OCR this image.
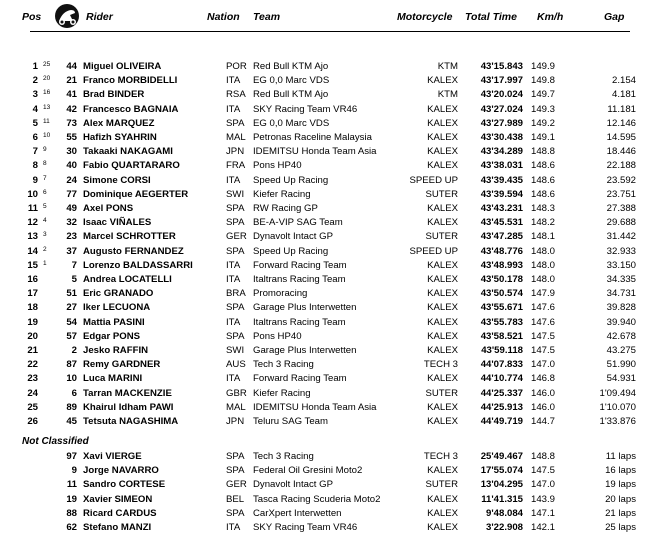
Pos	Rider	Nation Team	Motorcycle Total Time Km/h	Gap
1 25 44 Miguel OLIVEIRA	POR Red Bull KTM Ajo	KTM 43'15.843 149.9
2 20 21 Franco MORBIDELLI	ITA EG 0,0 Marc VDS	KALEX 43'17.997 149.8	2.154
3 16 41 Brad BINDER	RSA Red Bull KTM Ajo	KTM 43'20.024 149.7	4.181
4 13 42 Francesco BAGNAIA	ITA SKY Racing Team VR46	KALEX 43'27.024 149.3	11.181
5 11 73 Alex MARQUEZ	SPA EG 0,0 Marc VDS	KALEX 43'27.989 149.2	12.146
6 10 55 Hafizh SYAHRIN	MAL Petronas Raceline Malaysia	KALEX 43'30.438 149.1	14.595
7 9 30 Takaaki NAKAGAMI	JPN IDEMITSU Honda Team Asia	KALEX 43'34.289 148.8	18.446
8 8 40 Fabio QUARTARARO	FRA Pons HP40	KALEX 43'38.031 148.6	22.188
9 7 24 Simone CORSI	ITA Speed Up Racing	SPEED UP 43'39.435 148.6	23.592
10 6 77 Dominique AEGERTER	SWI Kiefer Racing	SUTER 43'39.594 148.6	23.751
11 5 49 Axel PONS	SPA RW Racing GP	KALEX 43'43.231 148.3	27.388
12 4 32 Isaac VIÑALES	SPA BE-A-VIP SAG Team	KALEX 43'45.531 148.2	29.688
13 3 23 Marcel SCHROTTER	GER Dynavolt Intact GP	SUTER 43'47.285 148.1	31.442
14 2 37 Augusto FERNANDEZ	SPA Speed Up Racing	SPEED UP 43'48.776 148.0	32.933
15 1	7 Lorenzo BALDASSARRI	ITA Forward Racing Team	KALEX 43'48.993 148.0	33.150
16	5 Andrea LOCATELLI	ITA Italtrans Racing Team	KALEX 43'50.178 148.0	34.335
17	51 Eric GRANADO	BRA Promoracing	KALEX 43'50.574 147.9	34.731
18	27 Iker LECUONA	SPA Garage Plus Interwetten	KALEX 43'55.671 147.6	39.828
19	54 Mattia PASINI	ITA Italtrans Racing Team	KALEX 43'55.783 147.6	39.940
20	57 Edgar PONS	SPA Pons HP40	KALEX 43'58.521 147.5	42.678
21	2 Jesko RAFFIN	SWI Garage Plus Interwetten	KALEX 43'59.118 147.5	43.275
22	87 Remy GARDNER	AUS Tech 3 Racing	TECH 3 44'07.833 147.0	51.990
23	10 Luca MARINI	ITA Forward Racing Team	KALEX 44'10.774 146.8	54.931
24	6 Tarran MACKENZIE	GBR Kiefer Racing	SUTER 44'25.337 146.0	1'09.494
25	89 Khairul Idham PAWI	MAL IDEMITSU Honda Team Asia	KALEX 44'25.913 146.0	1'10.070
26	45 Tetsuta NAGASHIMA	JPN Teluru SAG Team	KALEX 44'49.719 144.7	1'33.876
97 Xavi VIERGE	SPA Tech 3 Racing	TECH 3 25'49.467 148.8	11 laps
9 Jorge NAVARRO	SPA Federal Oil Gresini Moto2	KALEX 17'55.074 147.5	16 laps
11 Sandro CORTESE	GER Dynavolt Intact GP	SUTER 13'04.295 147.0	19 laps
19 Xavier SIMEON	BEL Tasca Racing Scuderia Moto2	KALEX 11'41.315 143.9	20 laps
88 Ricard CARDUS	SPA CarXpert Interwetten	KALEX	9'48.084 147.1	21 laps
62 Stefano MANZI	ITA SKY Racing Team VR46	KALEX	3'22.908 142.1	25 laps
Not Classified
